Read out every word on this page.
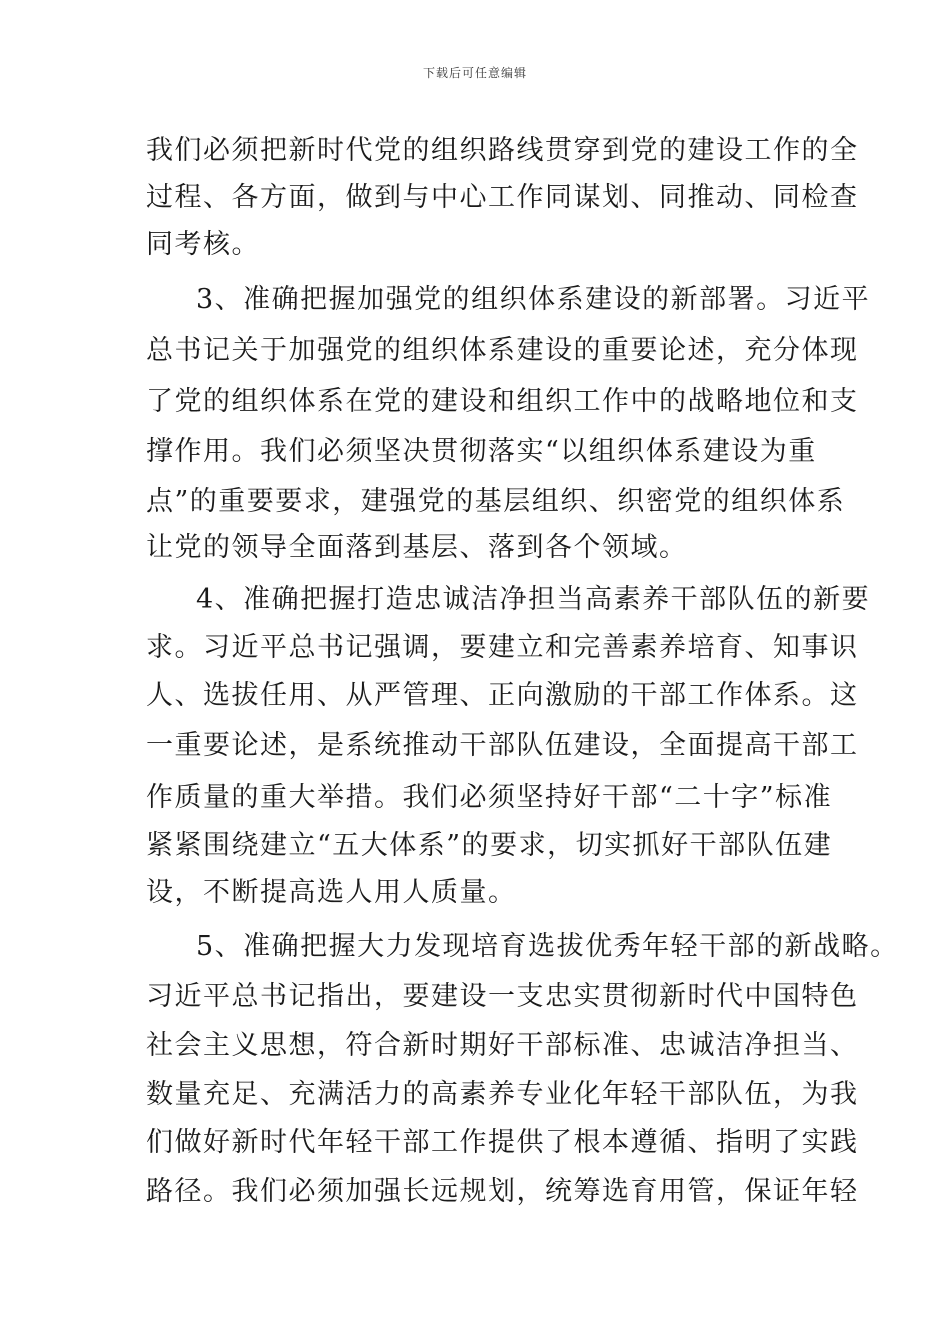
下载后可任意编辑
我们必须把新时代党的组织路线贯穿到党的建设工作的全
过程、各方面，做到与中心工作同谋划、同推动、同检查
同考核。
3、准确把握加强党的组织体系建设的新部署。习近平
总书记关于加强党的组织体系建设的重要论述，充分体现
了党的组织体系在党的建设和组织工作中的战略地位和支
撑作用。我们必须坚决贯彻落实“以组织体系建设为重
点”的重要要求，建强党的基层组织、织密党的组织体系
让党的领导全面落到基层、落到各个领域。
4、准确把握打造忠诚洁净担当高素养干部队伍的新要
求。习近平总书记强调，要建立和完善素养培育、知事识
人、选拔任用、从严管理、正向激励的干部工作体系。这
一重要论述，是系统推动干部队伍建设，全面提高干部工
作质量的重大举措。我们必须坚持好干部“二十字”标准
紧紧围绕建立“五大体系”的要求，切实抓好干部队伍建
设，不断提高选人用人质量。
5、准确把握大力发现培育选拔优秀年轻干部的新战略。
习近平总书记指出，要建设一支忠实贯彻新时代中国特色
社会主义思想，符合新时期好干部标准、忠诚洁净担当、
数量充足、充满活力的高素养专业化年轻干部队伍，为我
们做好新时代年轻干部工作提供了根本遵循、指明了实践
路径。我们必须加强长远规划，统筹选育用管，保证年轻
